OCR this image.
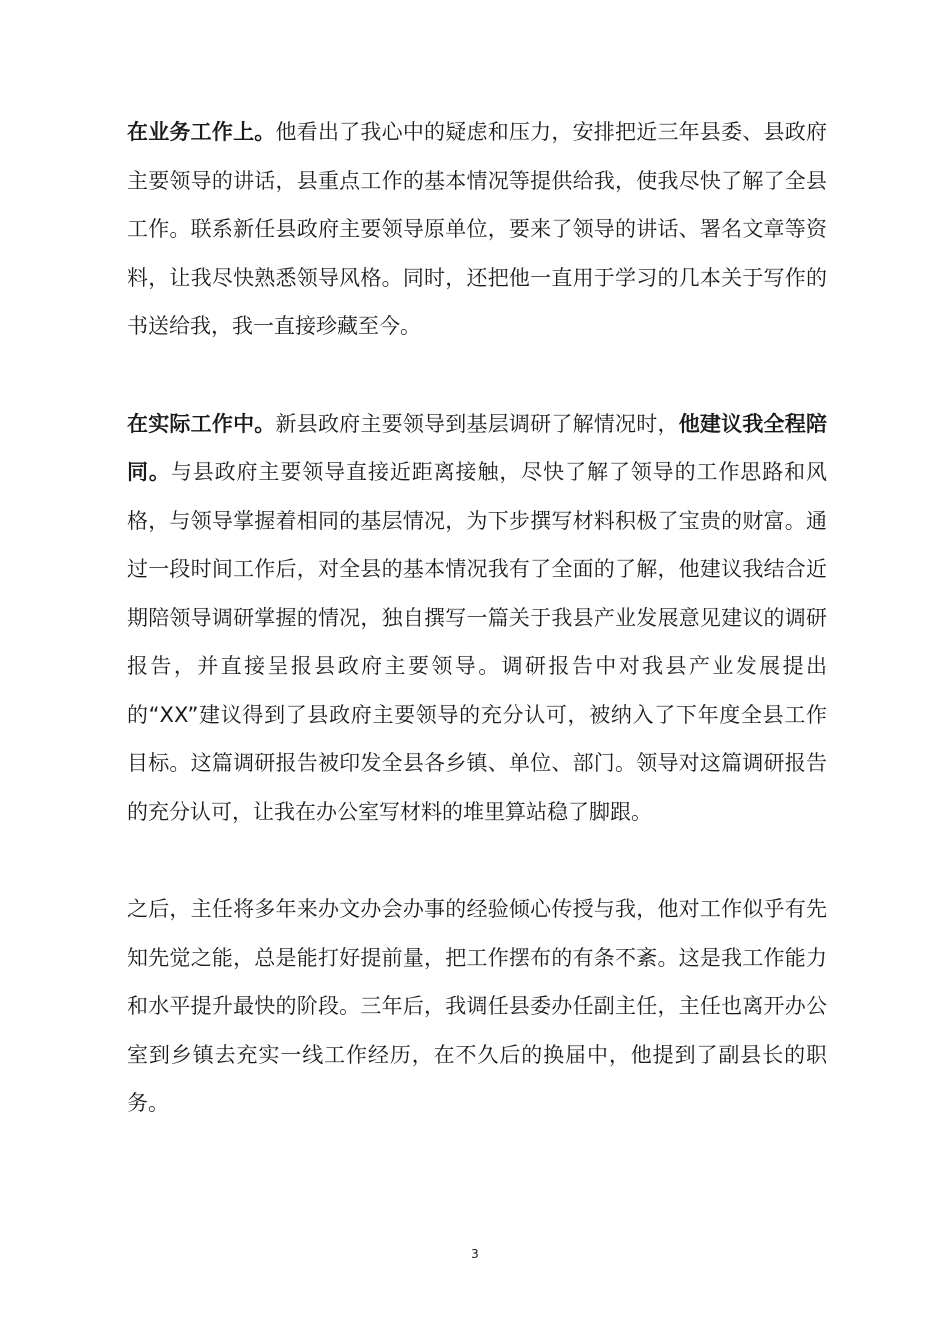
在业务工作上。他看出了我心中的疑虑和压力，安排把近三年县委、县政府主要领导的讲话，县重点工作的基本情况等提供给我，使我尽快了解了全县工作。联系新任县政府主要领导原单位，要来了领导的讲话、署名文章等资料，让我尽快熟悉领导风格。同时，还把他一直用于学习的几本关于写作的书送给我，我一直接珍藏至今。

在实际工作中。新县政府主要领导到基层调研了解情况时，他建议我全程陪同。与县政府主要领导直接近距离接触，尽快了解了领导的工作思路和风格，与领导掌握着相同的基层情况，为下步撰写材料积极了宝贵的财富。通过一段时间工作后，对全县的基本情况我有了全面的了解，他建议我结合近期陪领导调研掌握的情况，独自撰写一篇关于我县产业发展意见建议的调研报告，并直接呈报县政府主要领导。调研报告中对我县产业发展提出的“XX”建议得到了县政府主要领导的充分认可，被纳入了下年度全县工作目标。这篇调研报告被印发全县各乡镇、单位、部门。领导对这篇调研报告的充分认可，让我在办公室写材料的堆里算站稳了脚跟。

之后，主任将多年来办文办会办事的经验倾心传授与我，他对工作似乎有先知先觉之能，总是能打好提前量，把工作摆布的有条不紊。这是我工作能力和水平提升最快的阶段。三年后，我调任县委办任副主任，主任也离开办公室到乡镇去充实一线工作经历，在不久后的换届中，他提到了副县长的职务。

3
